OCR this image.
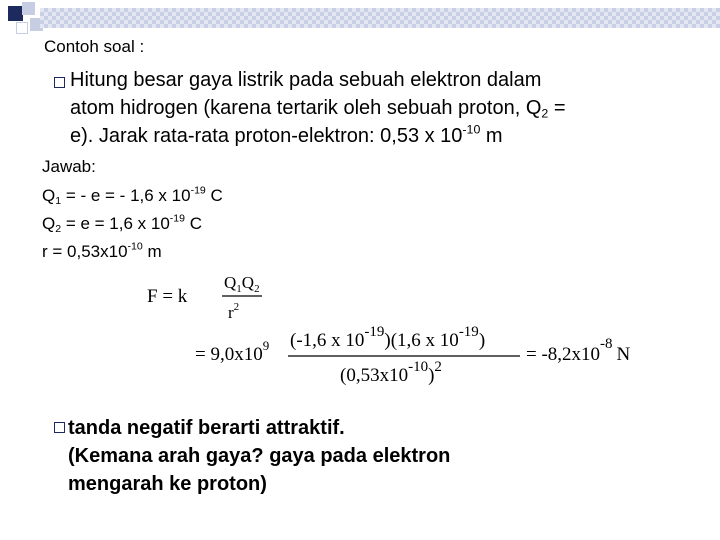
Contoh soal :
Hitung besar gaya listrik pada sebuah elektron dalam
atom hidrogen (karena tertarik oleh sebuah proton, $Q_2$ =
e). Jarak rata-rata proton-elektron: 0,53 x $10^{-10}$ m
Jawab:
$Q_1$ = - e = - 1,6 x $10^{-19}$ C
$Q_2 = e = 1,6$ x $10^{-19}$ C
$r = 0,53x10^{-10}$ m
F = k
$Q_1Q_2$
$r^2$
= $9,0x10^9$ (-1,6 x $10^{-19})(1,6$ x $10^{-19}$)
$(0,53x10^{-10})^2$
= $-8,2x10^{-8}$ N
tanda negatif berarti attraktif.
(Kemana arah gaya? gaya pada elektron
mengarah ke proton)
